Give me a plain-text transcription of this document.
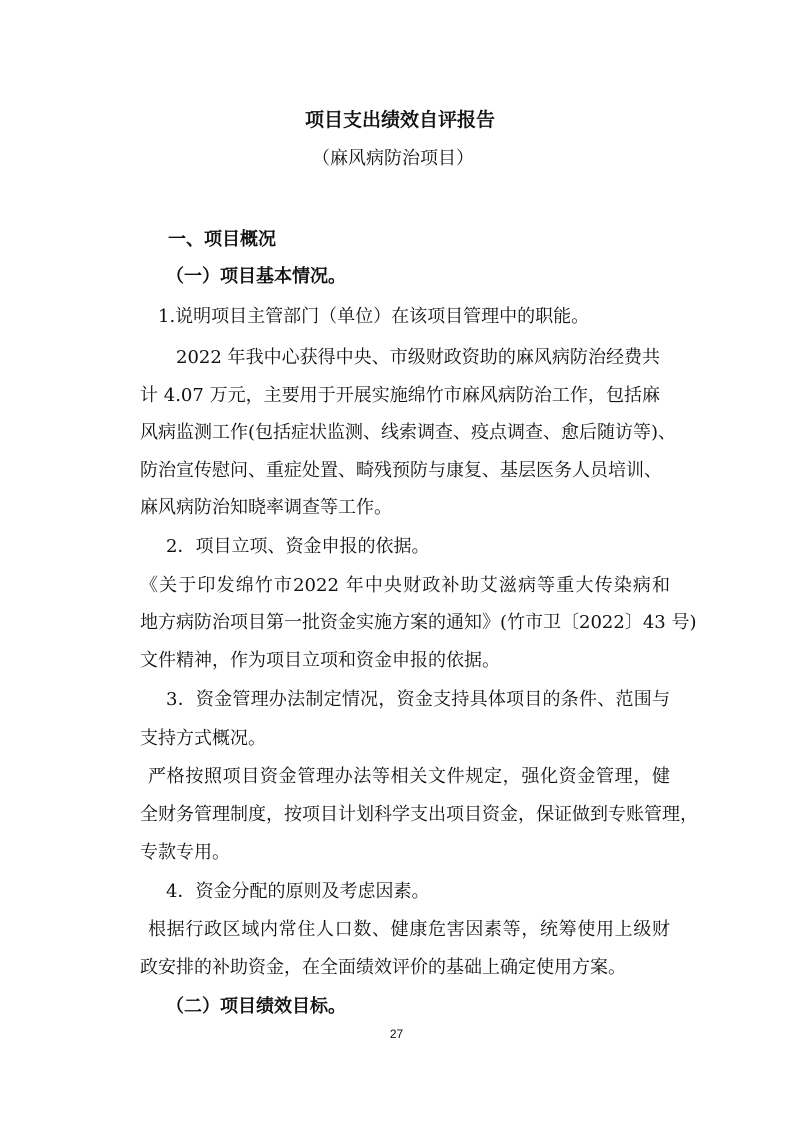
项目支出绩效自评报告
（麻风病防治项目）
一、项目概况
（一）项目基本情况。
1.说明项目主管部门（单位）在该项目管理中的职能。
2022 年我中心获得中央、市级财政资助的麻风病防治经费共
计 4.07 万元，主要用于开展实施绵竹市麻风病防治工作，包括麻
风病监测工作(包括症状监测、线索调查、疫点调查、愈后随访等)、
防治宣传慰问、重症处置、畸残预防与康复、基层医务人员培训、
麻风病防治知晓率调查等工作。
2．项目立项、资金申报的依据。
《关于印发绵竹市2022 年中央财政补助艾滋病等重大传染病和
地方病防治项目第一批资金实施方案的通知》(竹市卫〔2022〕43 号)
文件精神，作为项目立项和资金申报的依据。
3．资金管理办法制定情况，资金支持具体项目的条件、范围与
支持方式概况。
严格按照项目资金管理办法等相关文件规定，强化资金管理，健
全财务管理制度，按项目计划科学支出项目资金，保证做到专账管理，
专款专用。
4．资金分配的原则及考虑因素。
根据行政区域内常住人口数、健康危害因素等，统筹使用上级财
政安排的补助资金，在全面绩效评价的基础上确定使用方案。
（二）项目绩效目标。
27
